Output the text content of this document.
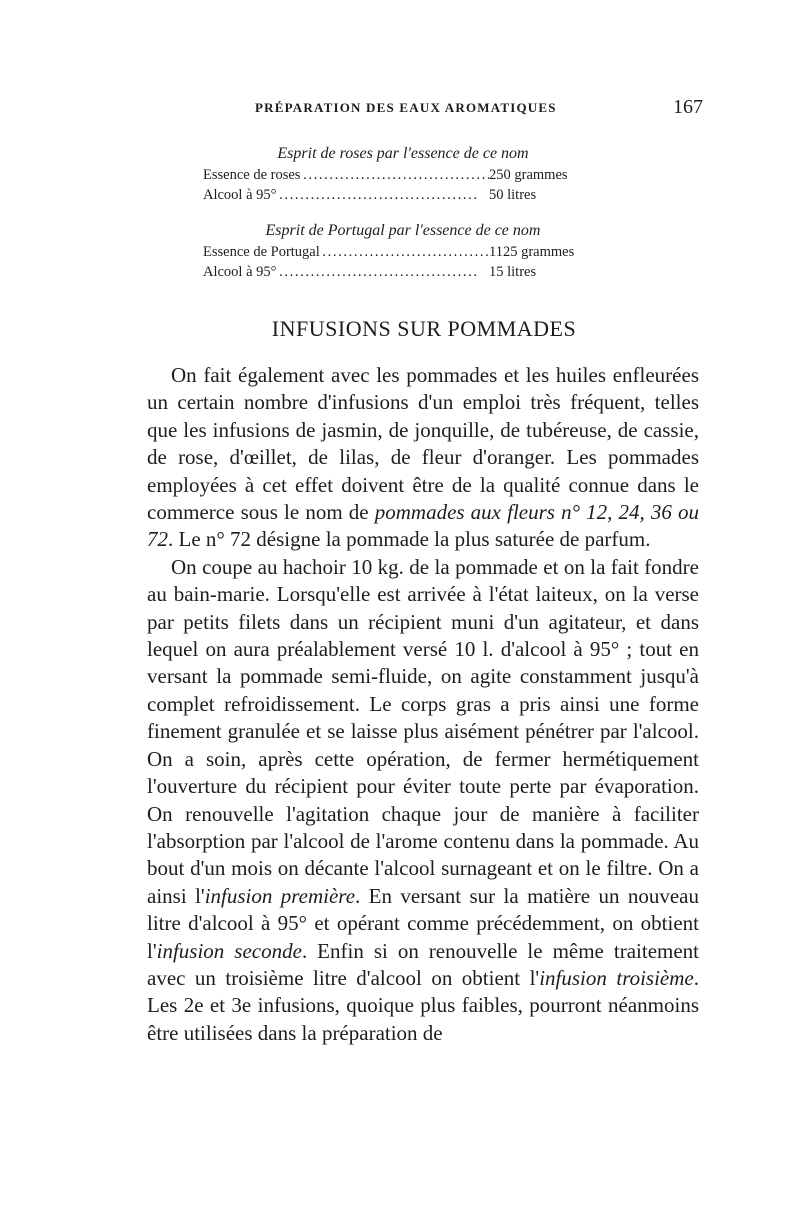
PRÉPARATION DES EAUX AROMATIQUES	167
Esprit de roses par l'essence de ce nom
Essence de roses . . .	250 grammes
Alcool à 95° . . .	50 litres
Esprit de Portugal par l'essence de ce nom
Essence de Portugal . . .	1125 grammes
Alcool à 95° . . .	15 litres
INFUSIONS SUR POMMADES

On fait également avec les pommades et les huiles enfleurées un certain nombre d'infusions d'un emploi très fréquent, telles que les infusions de jasmin, de jonquille, de tubéreuse, de cassie, de rose, d'œillet, de lilas, de fleur d'oranger. Les pommades employées à cet effet doivent être de la qualité connue dans le commerce sous le nom de pommades aux fleurs n° 12, 24, 36 ou 72. Le n° 72 désigne la pommade la plus saturée de parfum.

On coupe au hachoir 10 kg. de la pommade et on la fait fondre au bain-marie. Lorsqu'elle est arrivée à l'état laiteux, on la verse par petits filets dans un récipient muni d'un agitateur, et dans lequel on aura préalablement versé 10 l. d'alcool à 95° ; tout en versant la pommade semi-fluide, on agite constamment jusqu'à complet refroidissement. Le corps gras a pris ainsi une forme finement granulée et se laisse plus aisément pénétrer par l'alcool. On a soin, après cette opération, de fermer hermétiquement l'ouverture du récipient pour éviter toute perte par évaporation. On renouvelle l'agitation chaque jour de manière à faciliter l'absorption par l'alcool de l'arome contenu dans la pommade. Au bout d'un mois on décante l'alcool surnageant et on le filtre. On a ainsi l'infusion première. En versant sur la matière un nouveau litre d'alcool à 95° et opérant comme précédemment, on obtient l'infusion seconde. Enfin si on renouvelle le même traitement avec un troisième litre d'alcool on obtient l'infusion troisième. Les 2e et 3e infusions, quoique plus faibles, pourront néanmoins être utilisées dans la préparation de
